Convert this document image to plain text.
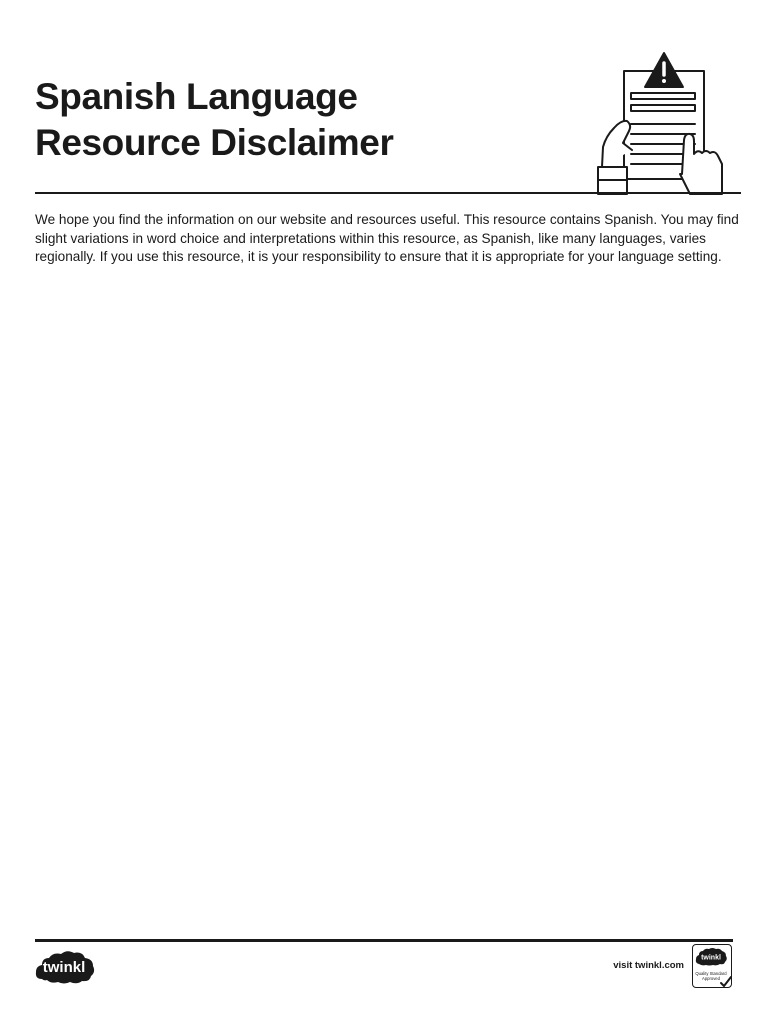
Spanish Language
Resource Disclaimer

We hope you find the information on our website and resources useful. This resource contains Spanish. You may find slight variations in word choice and interpretations within this resource, as Spanish, like many languages, varies regionally. If you use this resource, it is your responsibility to ensure that it is appropriate for your language setting.

twinkl	visit twinkl.com
twinkl
Quality Standard
Approved
